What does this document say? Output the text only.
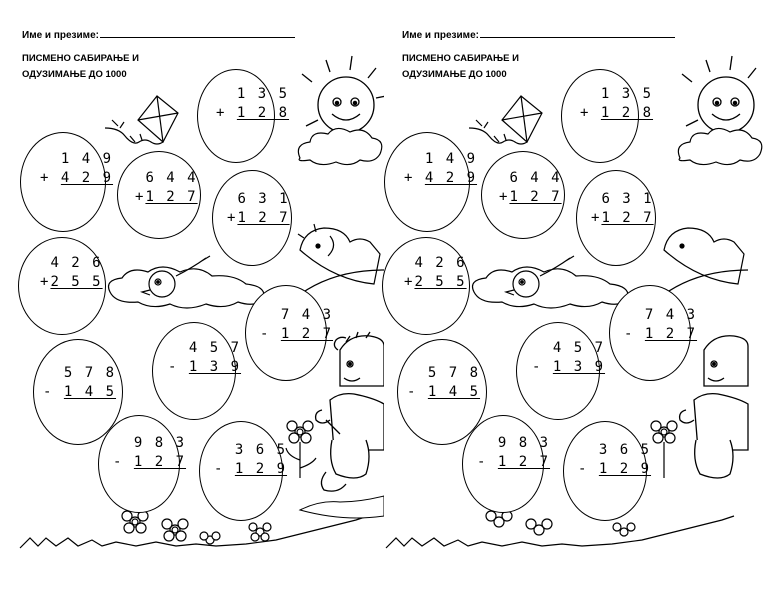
Име и презиме:
ПИСМЕНО САБИРАЊЕ И
ОДУЗИМАЊЕ ДО 1000
1 3 5
+ 1 2 8
1 4 9
+ 4 2 9	6 4 4
+1 2 7	6 3 1
+1 2 7
4 2 6
+2 5 5
7 4 3
- 1 2 7
4 5 7
- 1 3 9
5 7 8
- 1 4 5
9 8 3
- 1 2 7
3 6 5
- 1 2 9
Име и презиме:
ПИСМЕНО САБИРАЊЕ И
ОДУЗИМАЊЕ ДО 1000
1 3 5
+ 1 2 8
1 4 9
+ 4 2 9	6 4 4
+1 2 7	6 3 1
+1 2 7
4 2 6
+2 5 5
7 4 3
- 1 2 7
4 5 7
- 1 3 9
5 7 8
- 1 4 5
9 8 3
- 1 2 7
3 6 5
- 1 2 9
